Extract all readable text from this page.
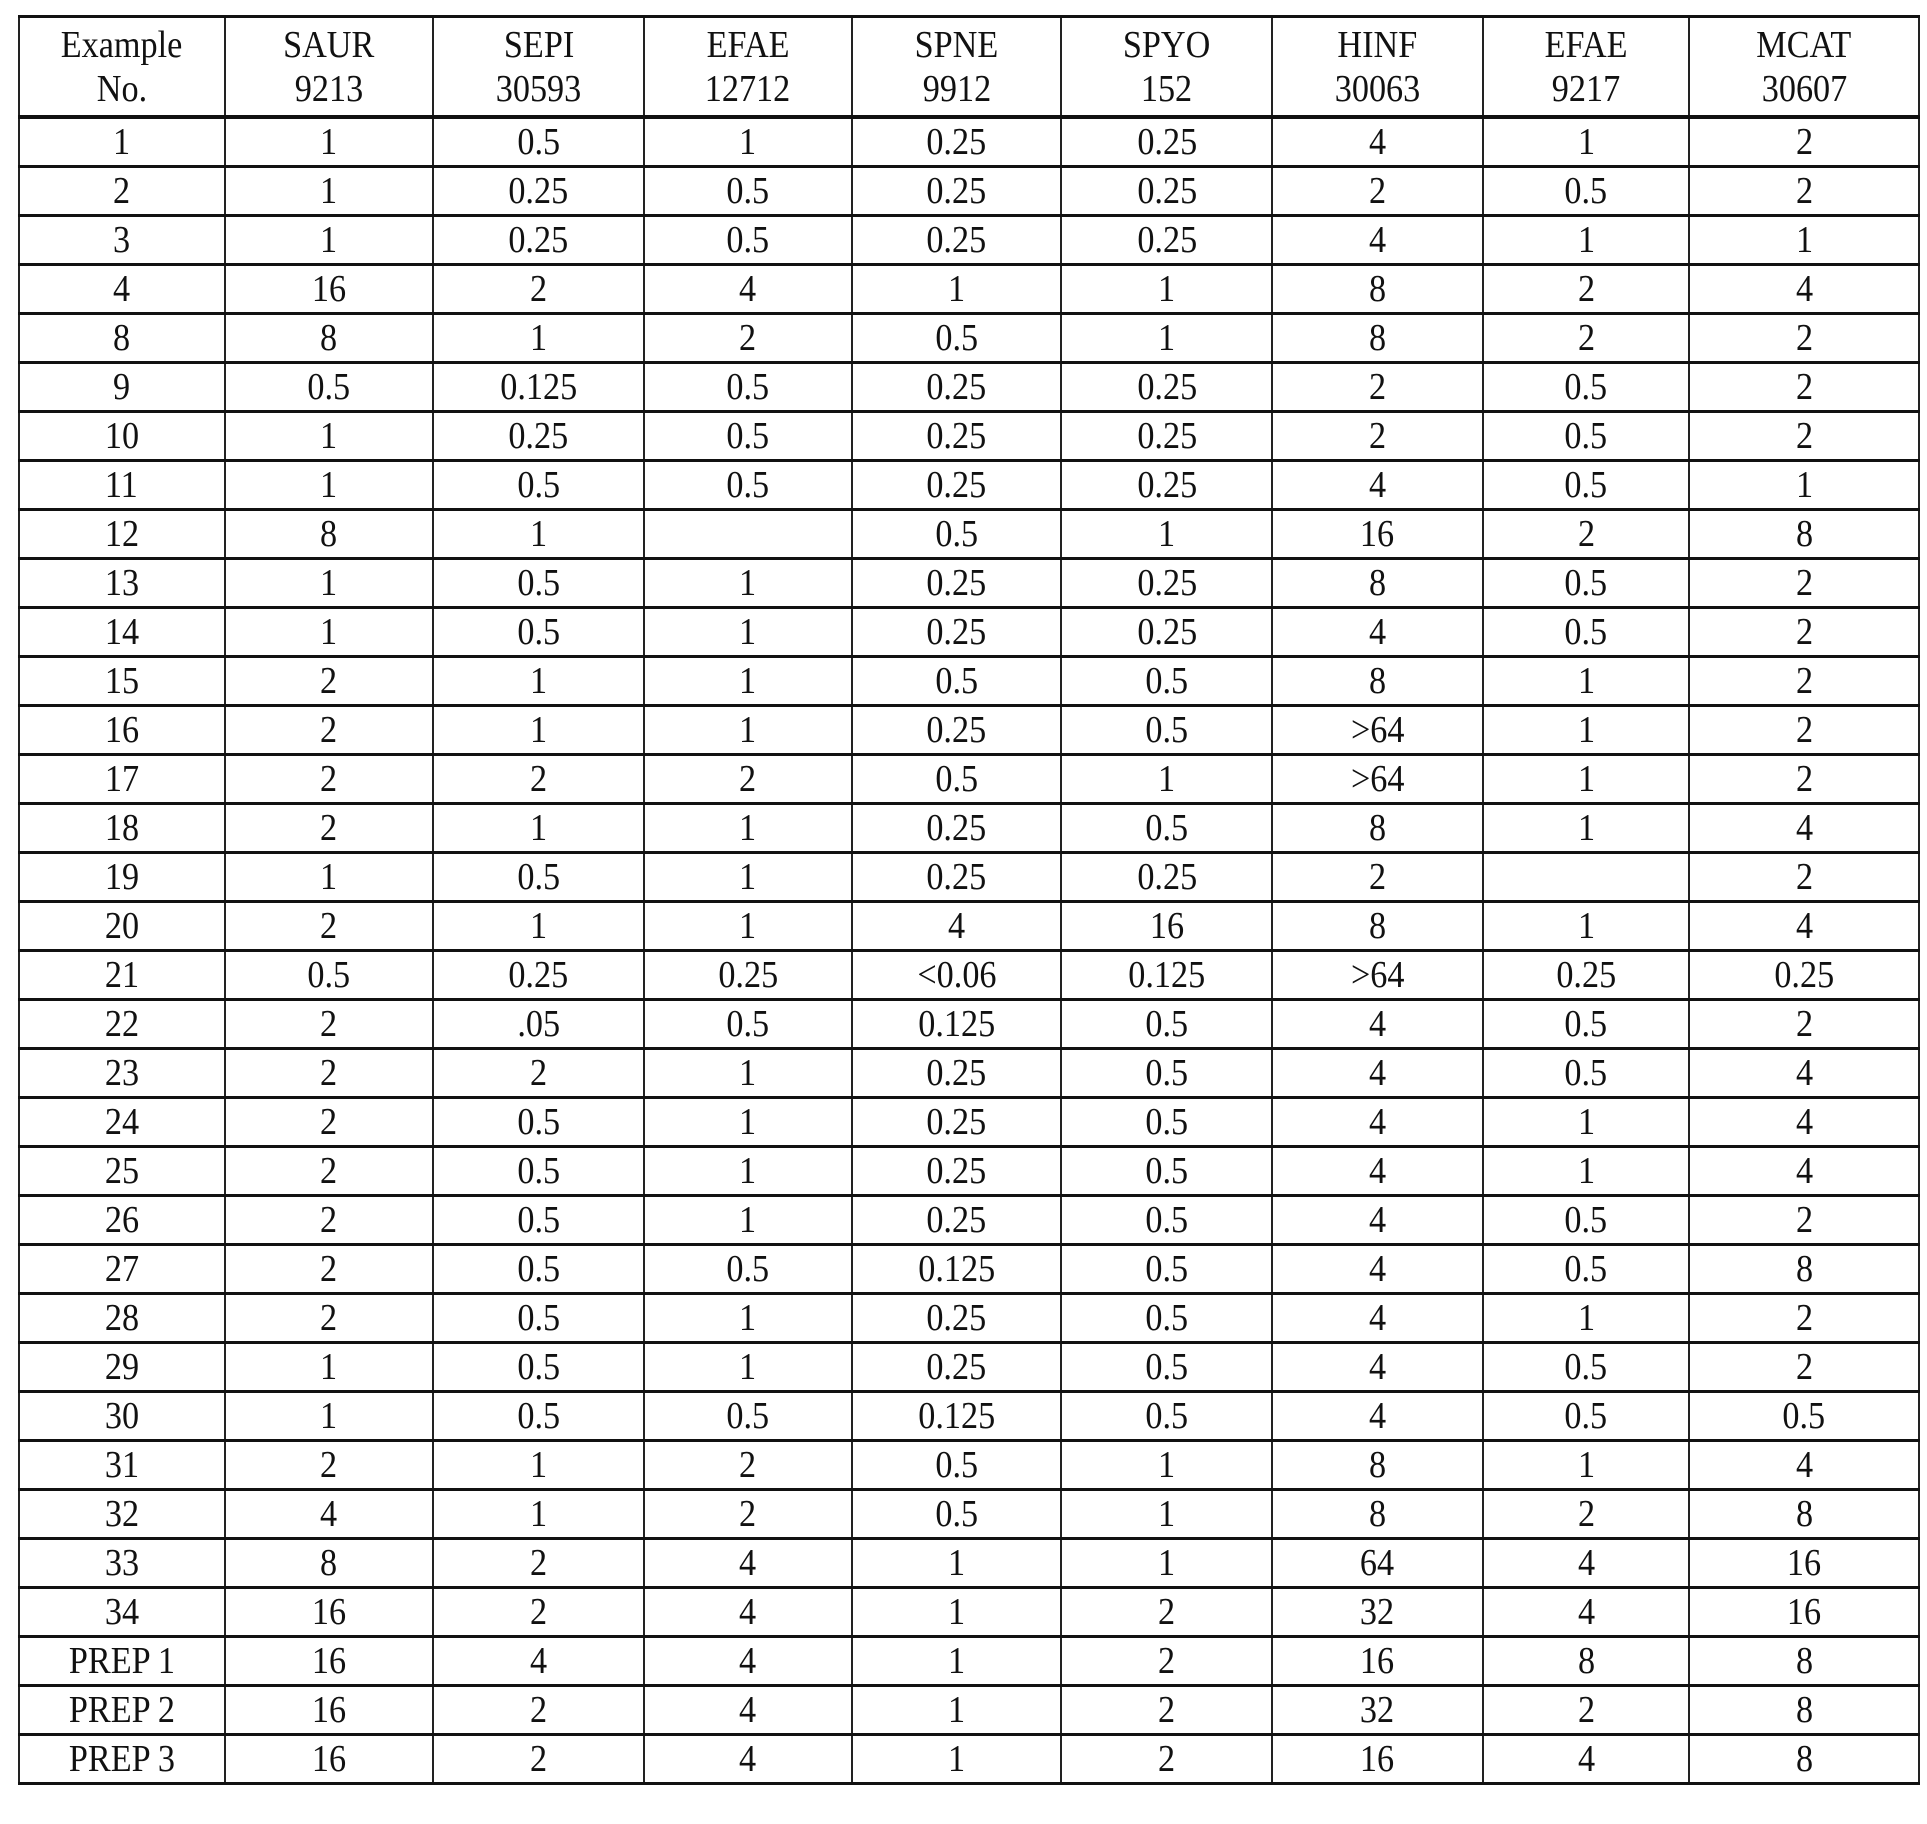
Example
No.	SAUR
9213	SEPI
30593	EFAE
12712	SPNE
9912	SPYO
152	HINF
30063	EFAE
9217	MCAT
30607
1	1	0.5	1	0.25	0.25	4	1	2
2	1	0.25	0.5	0.25	0.25	2	0.5	2
3	1	0.25	0.5	0.25	0.25	4	1	1
4	16	2	4	1	1	8	2	4
8	8	1	2	0.5	1	8	2	2
9	0.5	0.125	0.5	0.25	0.25	2	0.5	2
10	1	0.25	0.5	0.25	0.25	2	0.5	2
11	1	0.5	0.5	0.25	0.25	4	0.5	1
12	8	1		0.5	1	16	2	8
13	1	0.5	1	0.25	0.25	8	0.5	2
14	1	0.5	1	0.25	0.25	4	0.5	2
15	2	1	1	0.5	0.5	8	1	2
16	2	1	1	0.25	0.5	>64	1	2
17	2	2	2	0.5	1	>64	1	2
18	2	1	1	0.25	0.5	8	1	4
19	1	0.5	1	0.25	0.25	2		2
20	2	1	1	4	16	8	1	4
21	0.5	0.25	0.25	<0.06	0.125	>64	0.25	0.25
22	2	.05	0.5	0.125	0.5	4	0.5	2
23	2	2	1	0.25	0.5	4	0.5	4
24	2	0.5	1	0.25	0.5	4	1	4
25	2	0.5	1	0.25	0.5	4	1	4
26	2	0.5	1	0.25	0.5	4	0.5	2
27	2	0.5	0.5	0.125	0.5	4	0.5	8
28	2	0.5	1	0.25	0.5	4	1	2
29	1	0.5	1	0.25	0.5	4	0.5	2
30	1	0.5	0.5	0.125	0.5	4	0.5	0.5
31	2	1	2	0.5	1	8	1	4
32	4	1	2	0.5	1	8	2	8
33	8	2	4	1	1	64	4	16
34	16	2	4	1	2	32	4	16
PREP 1	16	4	4	1	2	16	8	8
PREP 2	16	2	4	1	2	32	2	8
PREP 3	16	2	4	1	2	16	4	8
